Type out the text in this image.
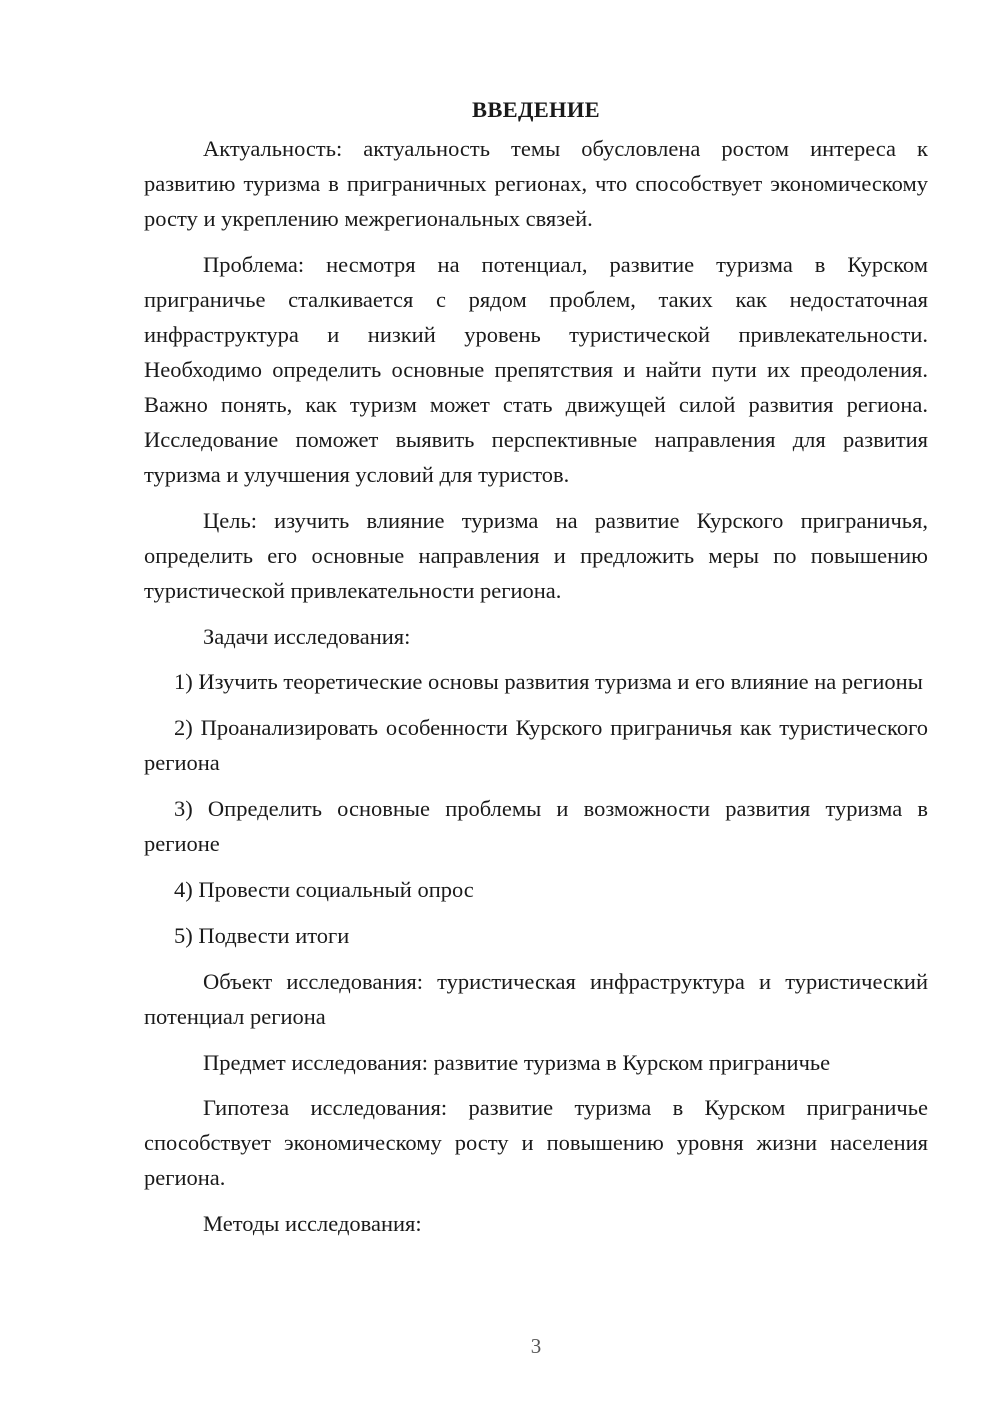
ВВЕДЕНИЕ

Актуальность: актуальность темы обусловлена ростом интереса к развитию туризма в приграничных регионах, что способствует экономическому росту и укреплению межрегиональных связей.

Проблема: несмотря на потенциал, развитие туризма в Курском приграничье сталкивается с рядом проблем, таких как недостаточная инфраструктура и низкий уровень туристической привлекательности. Необходимо определить основные препятствия и найти пути их преодоления. Важно понять, как туризм может стать движущей силой развития региона. Исследование поможет выявить перспективные направления для развития туризма и улучшения условий для туристов.

Цель: изучить влияние туризма на развитие Курского приграничья, определить его основные направления и предложить меры по повышению туристической привлекательности региона.

Задачи исследования:

1) Изучить теоретические основы развития туризма и его влияние на регионы

2) Проанализировать особенности Курского приграничья как туристического региона

3) Определить основные проблемы и возможности развития туризма в регионе

4) Провести социальный опрос

5) Подвести итоги

Объект исследования: туристическая инфраструктура и туристический потенциал региона

Предмет исследования: развитие туризма в Курском приграничье

Гипотеза исследования: развитие туризма в Курском приграничье способствует экономическому росту и повышению уровня жизни населения региона.

Методы исследования:

3
